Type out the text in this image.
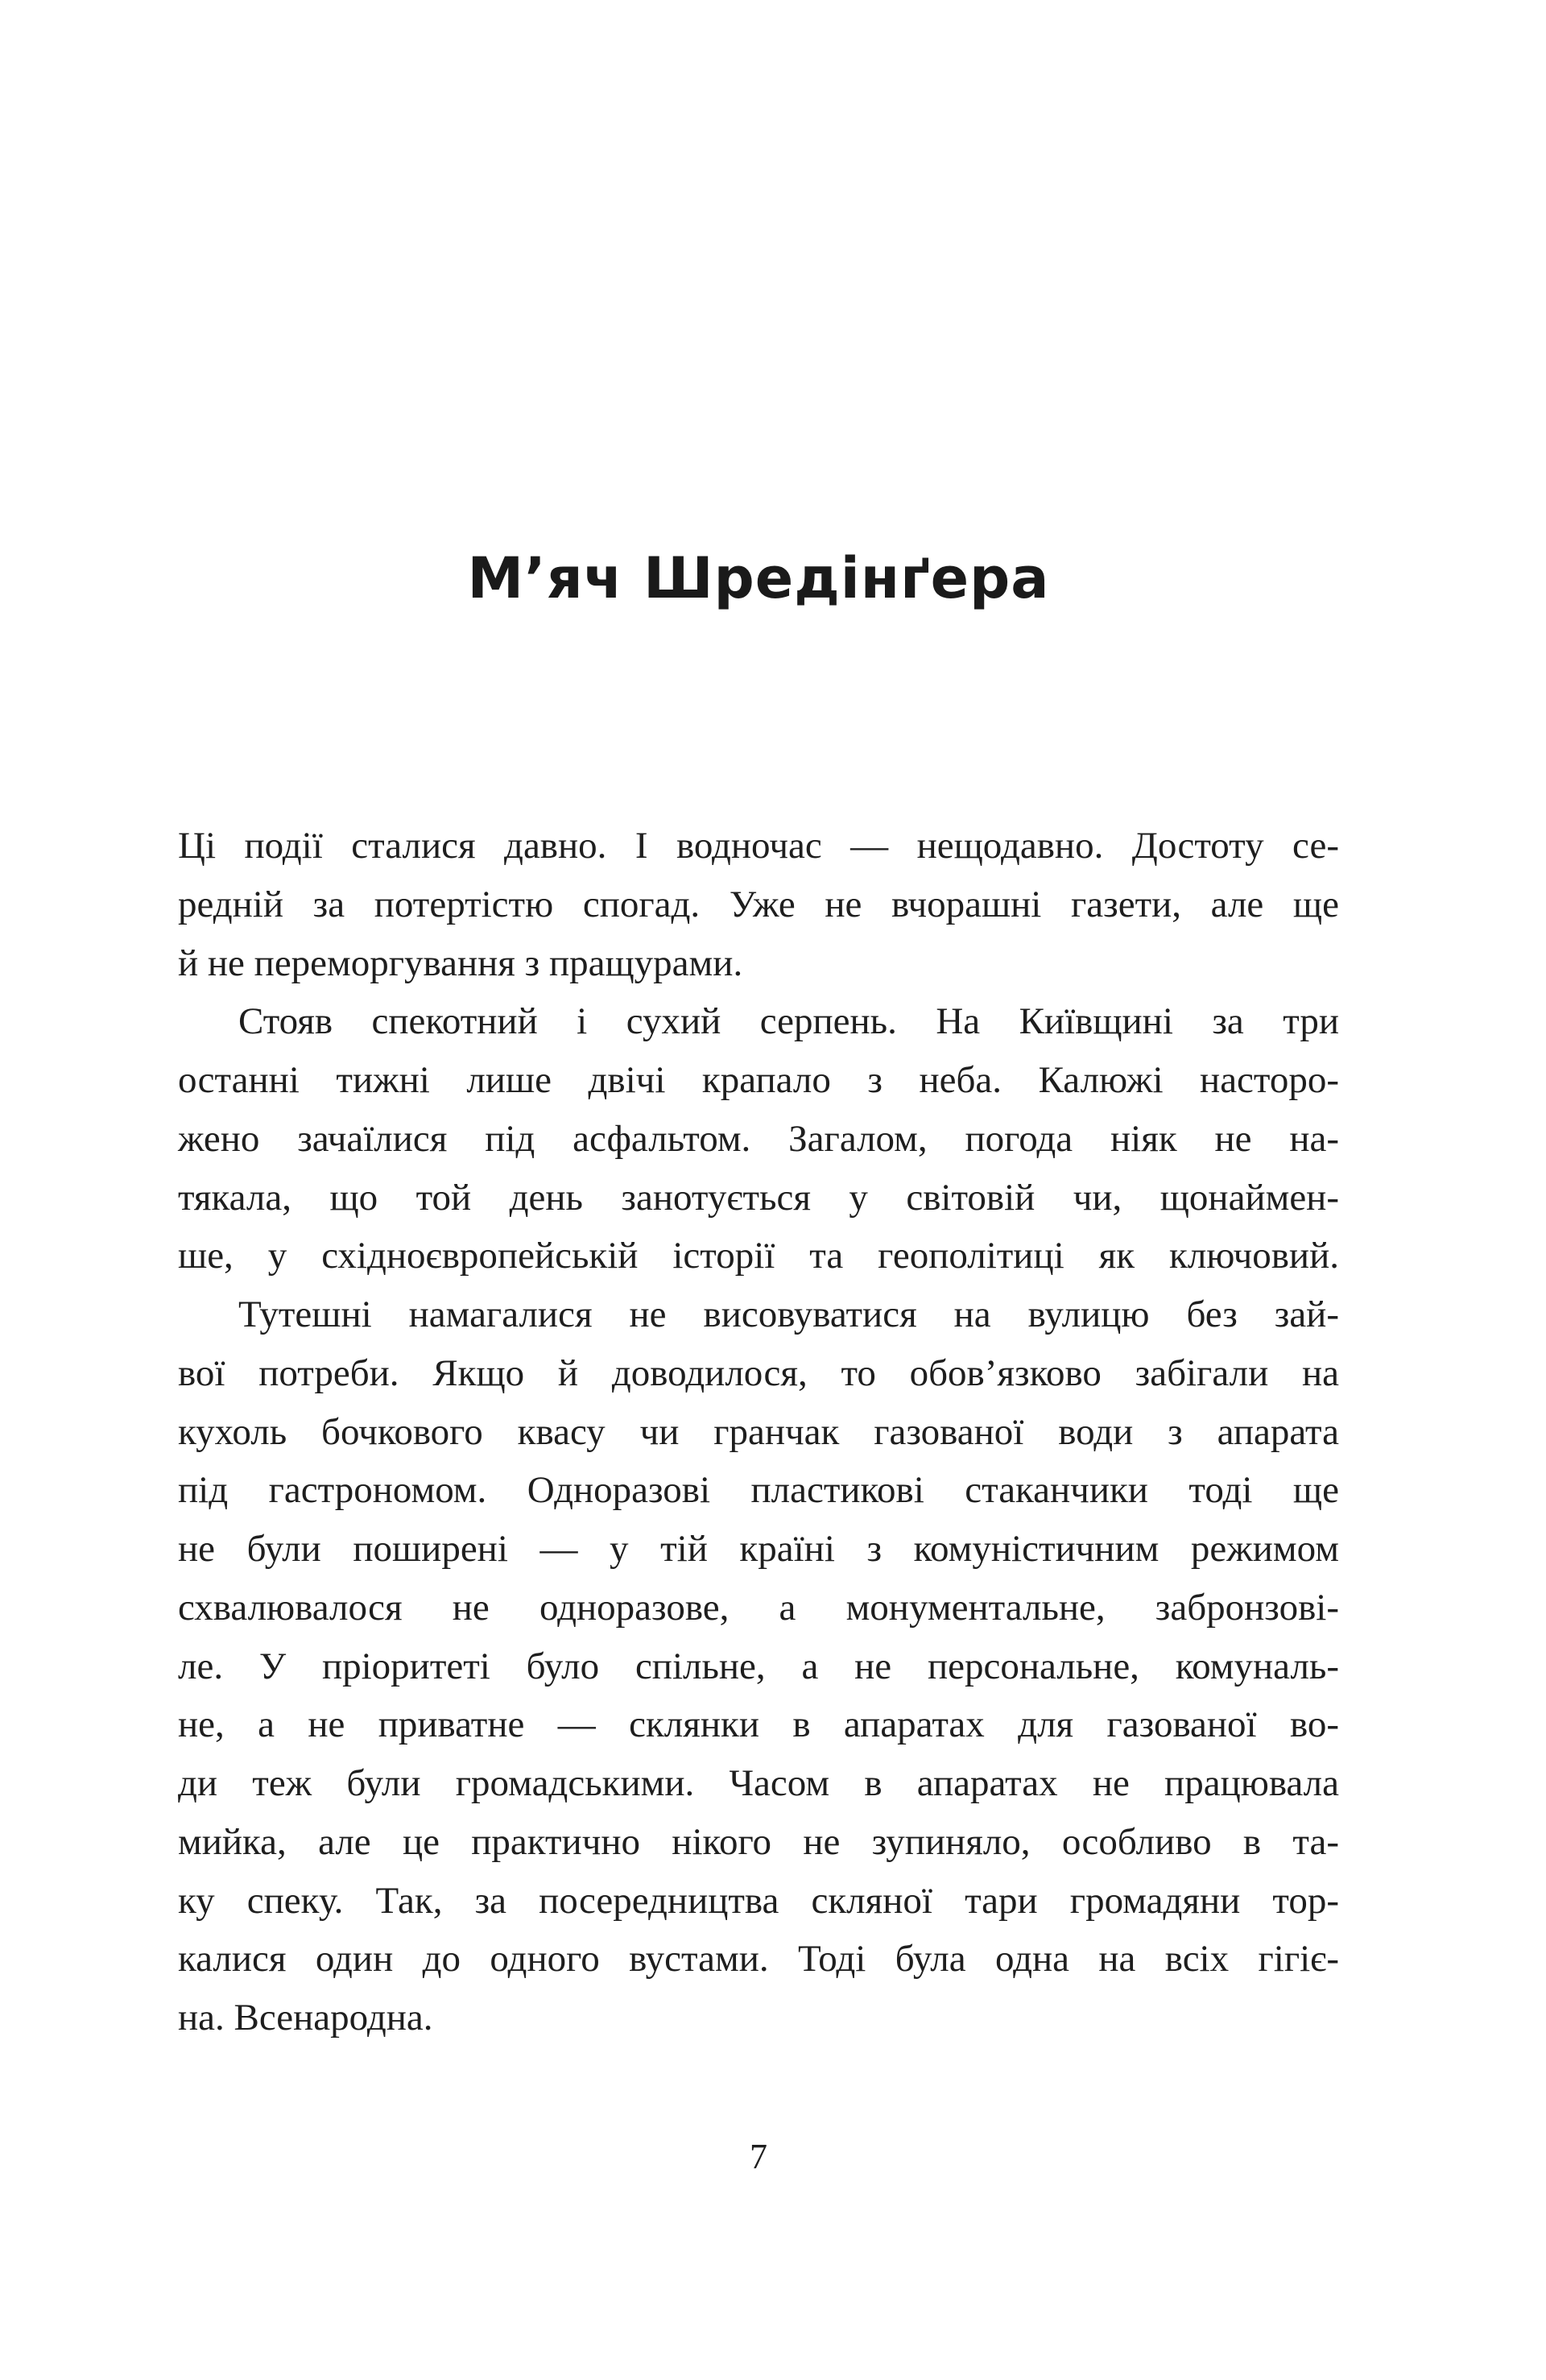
М’яч Шредінґера
Ці події сталися давно. І водночас — нещодавно. Достоту се-
редній за потертістю спогад. Уже не вчорашні газети, але ще
й не переморгування з пращурами.
Стояв спекотний і сухий серпень. На Київщині за три
останні тижні лише двічі крапало з неба. Калюжі насторо-
жено зачаїлися під асфальтом. Загалом, погода ніяк не на-
тякала, що той день занотується у світовій чи, щонаймен-
ше, у східноєвропейській історії та геополітиці як ключовий.
Тутешні намагалися не висовуватися на вулицю без зай-
вої потреби. Якщо й доводилося, то обов’язково забігали на
кухоль бочкового квасу чи гранчак газованої води з апарата
під гастрономом. Одноразові пластикові стаканчики тоді ще
не були поширені — у тій країні з комуністичним режимом
схвалювалося не одноразове, а монументальне, забронзові-
ле. У пріоритеті було спільне, а не персональне, комуналь-
не, а не приватне — склянки в апаратах для газованої во-
ди теж були громадськими. Часом в апаратах не працювала
мийка, але це практично нікого не зупиняло, особливо в та-
ку спеку. Так, за посередництва скляної тари громадяни тор-
калися один до одного вустами. Тоді була одна на всіх гігіє-
на. Всенародна.
7
